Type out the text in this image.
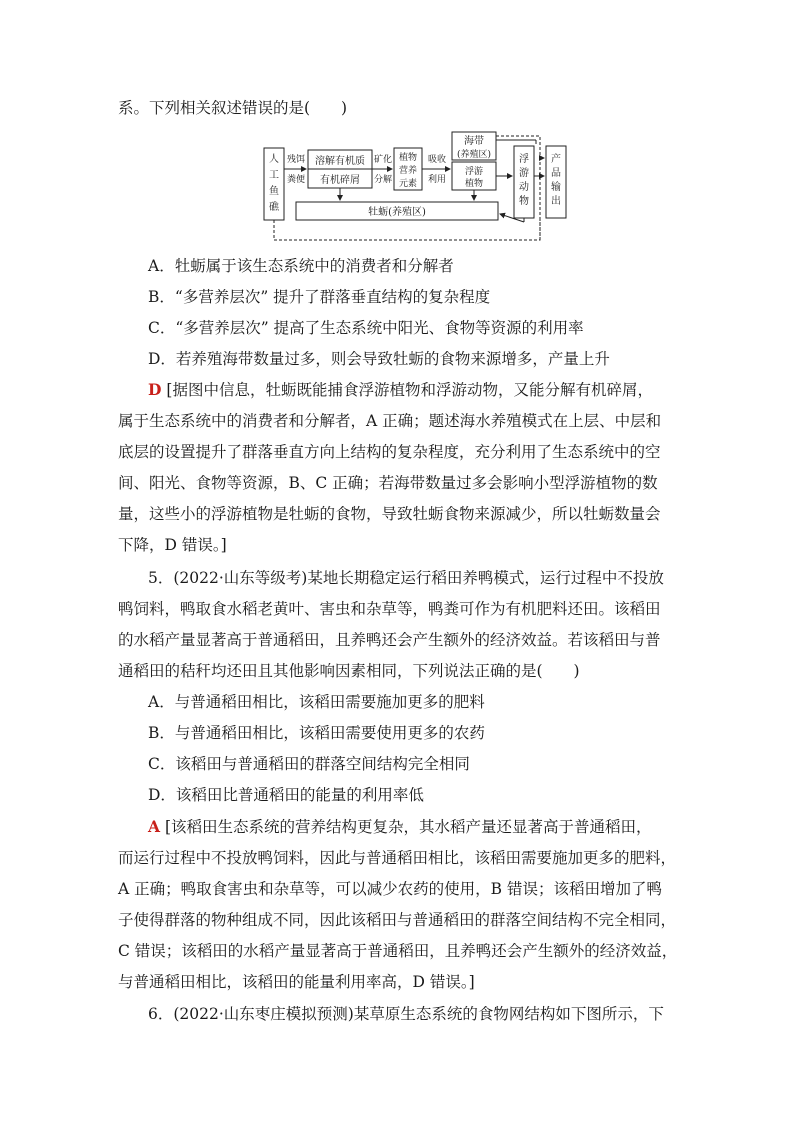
系。下列相关叙述错误的是(　　)
人
工
鱼
礁
残饵
粪便
溶解有机质
有机碎屑
矿化
分解
植物
营养
元素
吸收
利用
海带
(养殖区)
浮游
植物
浮
游
动
物
产
品
输
出
牡蛎(养殖区)
A．牡蛎属于该生态系统中的消费者和分解者
B．“多营养层次” 提升了群落垂直结构的复杂程度
C．“多营养层次” 提高了生态系统中阳光、食物等资源的利用率
D．若养殖海带数量过多，则会导致牡蛎的食物来源增多，产量上升
D [据图中信息，牡蛎既能捕食浮游植物和浮游动物，又能分解有机碎屑，
属于生态系统中的消费者和分解者，A 正确；题述海水养殖模式在上层、中层和
底层的设置提升了群落垂直方向上结构的复杂程度，充分利用了生态系统中的空
间、阳光、食物等资源，B、C 正确；若海带数量过多会影响小型浮游植物的数
量，这些小的浮游植物是牡蛎的食物，导致牡蛎食物来源减少，所以牡蛎数量会
下降，D 错误。]
5．(2022·山东等级考)某地长期稳定运行稻田养鸭模式，运行过程中不投放
鸭饲料，鸭取食水稻老黄叶、害虫和杂草等，鸭粪可作为有机肥料还田。该稻田
的水稻产量显著高于普通稻田，且养鸭还会产生额外的经济效益。若该稻田与普
通稻田的秸秆均还田且其他影响因素相同，下列说法正确的是(　　)
A．与普通稻田相比，该稻田需要施加更多的肥料
B．与普通稻田相比，该稻田需要使用更多的农药
C．该稻田与普通稻田的群落空间结构完全相同
D．该稻田比普通稻田的能量的利用率低
A [该稻田生态系统的营养结构更复杂，其水稻产量还显著高于普通稻田，
而运行过程中不投放鸭饲料，因此与普通稻田相比，该稻田需要施加更多的肥料，
A 正确；鸭取食害虫和杂草等，可以减少农药的使用，B 错误；该稻田增加了鸭
子使得群落的物种组成不同，因此该稻田与普通稻田的群落空间结构不完全相同，
C 错误；该稻田的水稻产量显著高于普通稻田，且养鸭还会产生额外的经济效益，
与普通稻田相比，该稻田的能量利用率高，D 错误。]
6．(2022·山东枣庄模拟预测)某草原生态系统的食物网结构如下图所示，下
